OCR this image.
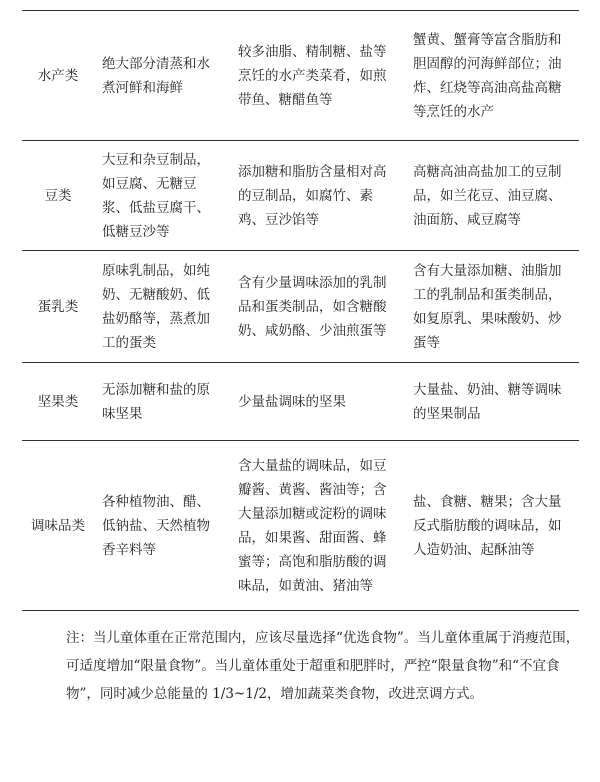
水产类	绝大部分清蒸和水煮河鲜和海鲜	较多油脂、精制糖、盐等烹饪的水产类菜肴，如煎带鱼、糖醋鱼等	蟹黄、蟹膏等富含脂肪和胆固醇的河海鲜部位；油炸、红烧等高油高盐高糖等烹饪的水产
豆类	大豆和杂豆制品，如豆腐、无糖豆浆、低盐豆腐干、低糖豆沙等	添加糖和脂肪含量相对高的豆制品，如腐竹、素鸡、豆沙馅等	高糖高油高盐加工的豆制品，如兰花豆、油豆腐、油面筋、咸豆腐等
蛋乳类	原味乳制品，如纯奶、无糖酸奶、低盐奶酪等，蒸煮加工的蛋类	含有少量调味添加的乳制品和蛋类制品，如含糖酸奶、咸奶酪、少油煎蛋等	含有大量添加糖、油脂加工的乳制品和蛋类制品，如复原乳、果味酸奶、炒蛋等
坚果类	无添加糖和盐的原味坚果	少量盐调味的坚果	大量盐、奶油、糖等调味的坚果制品
调味品类	各种植物油、醋、低钠盐、天然植物香辛料等	含大量盐的调味品，如豆瓣酱、黄酱、酱油等；含大量添加糖或淀粉的调味品，如果酱、甜面酱、蜂蜜等；高饱和脂肪酸的调味品，如黄油、猪油等	盐、食糖、糖果；含大量反式脂肪酸的调味品，如人造奶油、起酥油等
注：当儿童体重在正常范围内，应该尽量选择“优选食物”。当儿童体重属于消瘦范围，可适度增加“限量食物”。当儿童体重处于超重和肥胖时，严控“限量食物”和“不宜食物”，同时减少总能量的 1/3~1/2，增加蔬菜类食物，改进烹调方式。
